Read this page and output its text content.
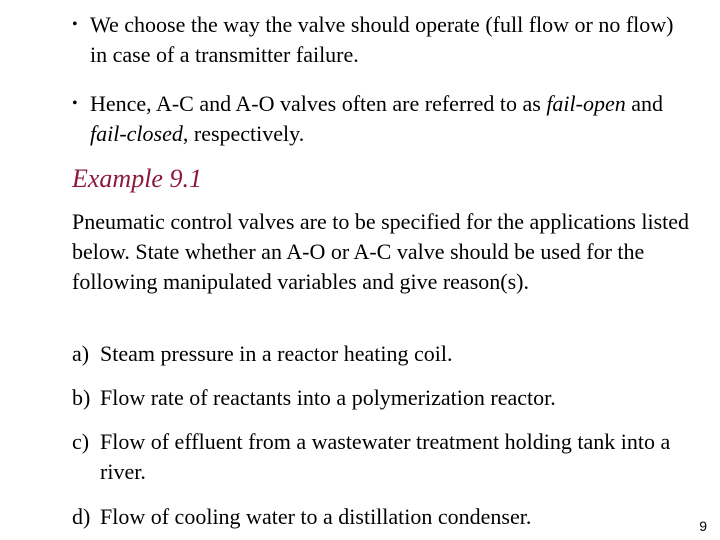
• We choose the way the valve should operate (full flow or no flow) in case of a transmitter failure.
• Hence, A-C and A-O valves often are referred to as fail-open and fail-closed, respectively.
Example 9.1

Pneumatic control valves are to be specified for the applications listed below. State whether an A-O or A-C valve should be used for the following manipulated variables and give reason(s).

a) Steam pressure in a reactor heating coil.
b) Flow rate of reactants into a polymerization reactor.
c) Flow of effluent from a wastewater treatment holding tank into a river.
d) Flow of cooling water to a distillation condenser.	9
